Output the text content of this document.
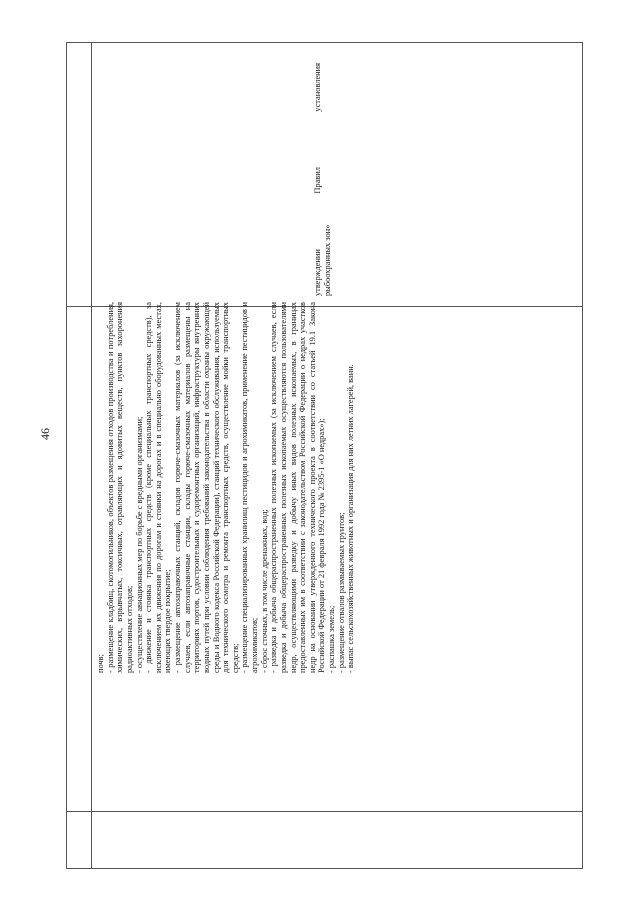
46

почв; - размещение кладбищ, скотомогильников, объектов размещения отходов производства и потребления, химических, взрывчатых, токсичных, отравляющих и ядовитых веществ, пунктов захоронения радиоактивных отходов; - осуществление авиационных мер по борьбе с вредными организмами; - движение и стоянка транспортных средств (кроме специальных транспортных средств), за исключением их движения по дорогам и стоянки на дорогах и в специально оборудованных местах, имеющих твердое покрытие; - размещение автозаправочных станций, складов горюче-смазочных материалов (за исключением случаев, если автозаправочные станции, склады горюче-смазочных материалов размещены на территориях портов, судостроительных и судоремонтных организаций, инфраструктуры внутренних водных путей при условии соблюдения требований законодательства в области охраны окружающей среды и Водного кодекса Российской Федерации), станций технического обслуживания, используемых для технического осмотра и ремонта транспортных средств, осуществление мойки транспортных средств; - размещение специализированных хранилищ пестицидов и агрохимикатов, применение пестицидов и агрохимикатов; - сброс сточных, в том числе дренажных, вод; - разведка и добыча общераспространенных полезных ископаемых (за исключением случаев, если разведка и добыча общераспространенных полезных ископаемых осуществляются пользователями недр, осуществляющими разведку и добычу иных видов полезных ископаемых, в границах предоставленных им в соответствии с законодательством Российской Федерации о недрах участков недр на основании утвержденного технического проекта в соответствии со статьей 19.1 Закона Российской Федерации от 21 февраля 1992 года № 2395-1 «О недрах»); - распашка земель; - размещение отвалов размываемых грунтов; - выпас сельскохозяйственных животных и организация для них летних лагерей, ванн.

утверждении Правил установления рыбоохранных зон»
